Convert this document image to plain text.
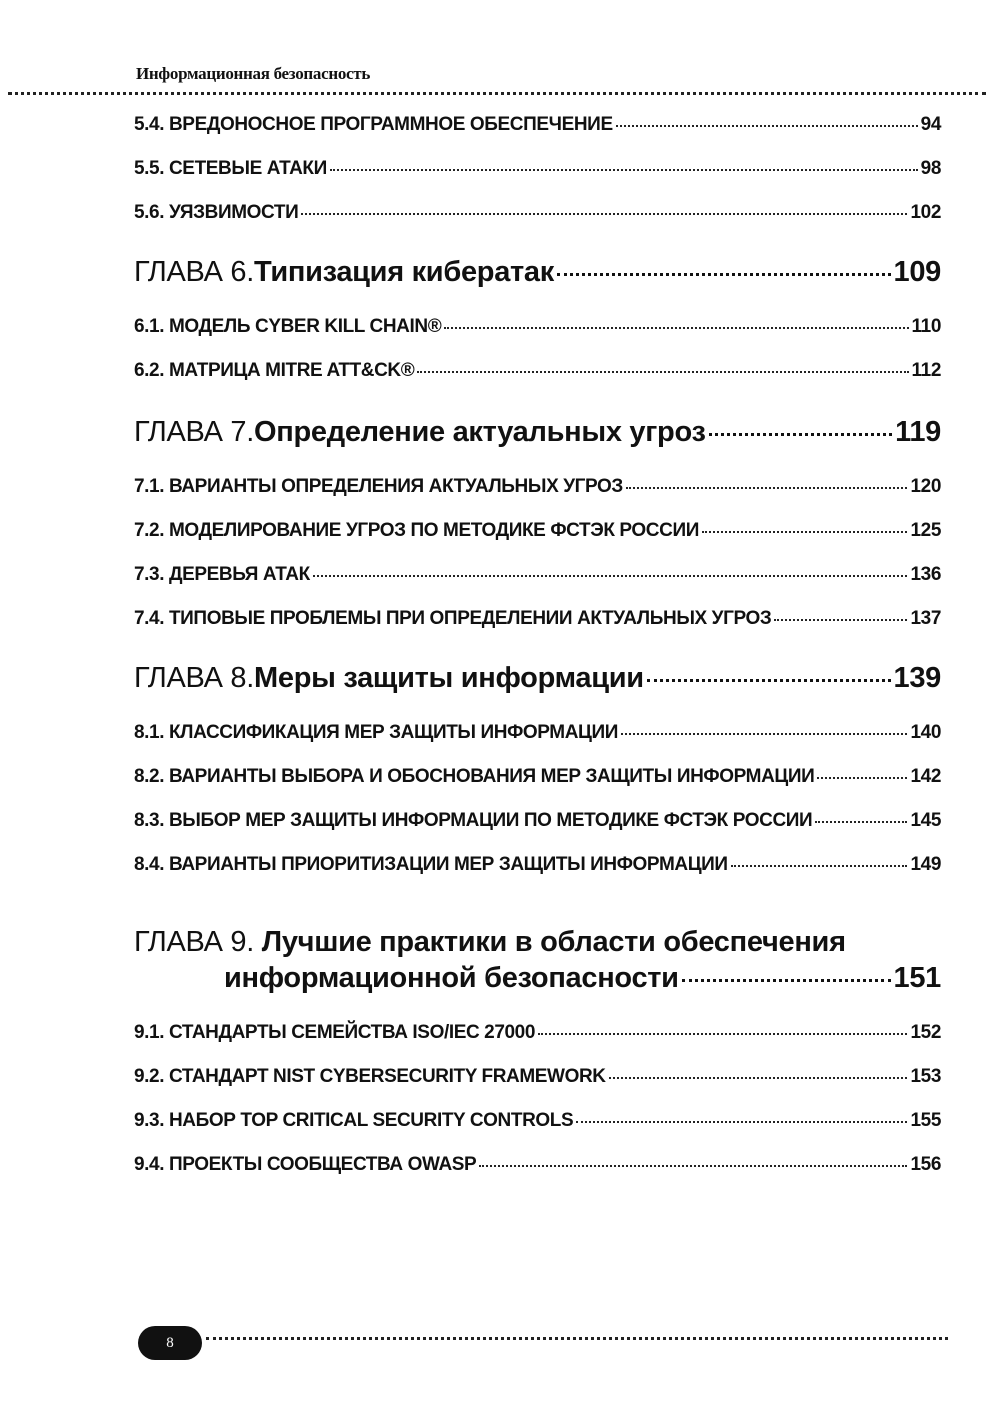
Информационная безопасность
5.4. ВРЕДОНОСНОЕ ПРОГРАММНОЕ ОБЕСПЕЧЕНИЕ	94
5.5. СЕТЕВЫЕ АТАКИ	98
5.6. УЯЗВИМОСТИ	102
ГЛАВА 6. Типизация кибератак	109
6.1. МОДЕЛЬ CYBER KILL CHAIN®	110
6.2. МАТРИЦА MITRE ATT&CK®	112
ГЛАВА 7. Определение актуальных угроз	119
7.1. ВАРИАНТЫ ОПРЕДЕЛЕНИЯ АКТУАЛЬНЫХ УГРОЗ	120
7.2. МОДЕЛИРОВАНИЕ УГРОЗ ПО МЕТОДИКЕ ФСТЭК РОССИИ	125
7.3. ДЕРЕВЬЯ АТАК	136
7.4. ТИПОВЫЕ ПРОБЛЕМЫ ПРИ ОПРЕДЕЛЕНИИ АКТУАЛЬНЫХ УГРОЗ	137
ГЛАВА 8. Меры защиты информации	139
8.1. КЛАССИФИКАЦИЯ МЕР ЗАЩИТЫ ИНФОРМАЦИИ	140
8.2. ВАРИАНТЫ ВЫБОРА И ОБОСНОВАНИЯ МЕР ЗАЩИТЫ ИНФОРМАЦИИ	142
8.3. ВЫБОР МЕР ЗАЩИТЫ ИНФОРМАЦИИ ПО МЕТОДИКЕ ФСТЭК РОССИИ	145
8.4. ВАРИАНТЫ ПРИОРИТИЗАЦИИ МЕР ЗАЩИТЫ ИНФОРМАЦИИ	149
ГЛАВА 9. Лучшие практики в области обеспечения
информационной безопасности	151
9.1. СТАНДАРТЫ СЕМЕЙСТВА ISO/IEC 27000	152
9.2. СТАНДАРТ NIST CYBERSECURITY FRAMEWORK	153
9.3. НАБОР TOP CRITICAL SECURITY CONTROLS	155
9.4. ПРОЕКТЫ СООБЩЕСТВА OWASP	156
8
